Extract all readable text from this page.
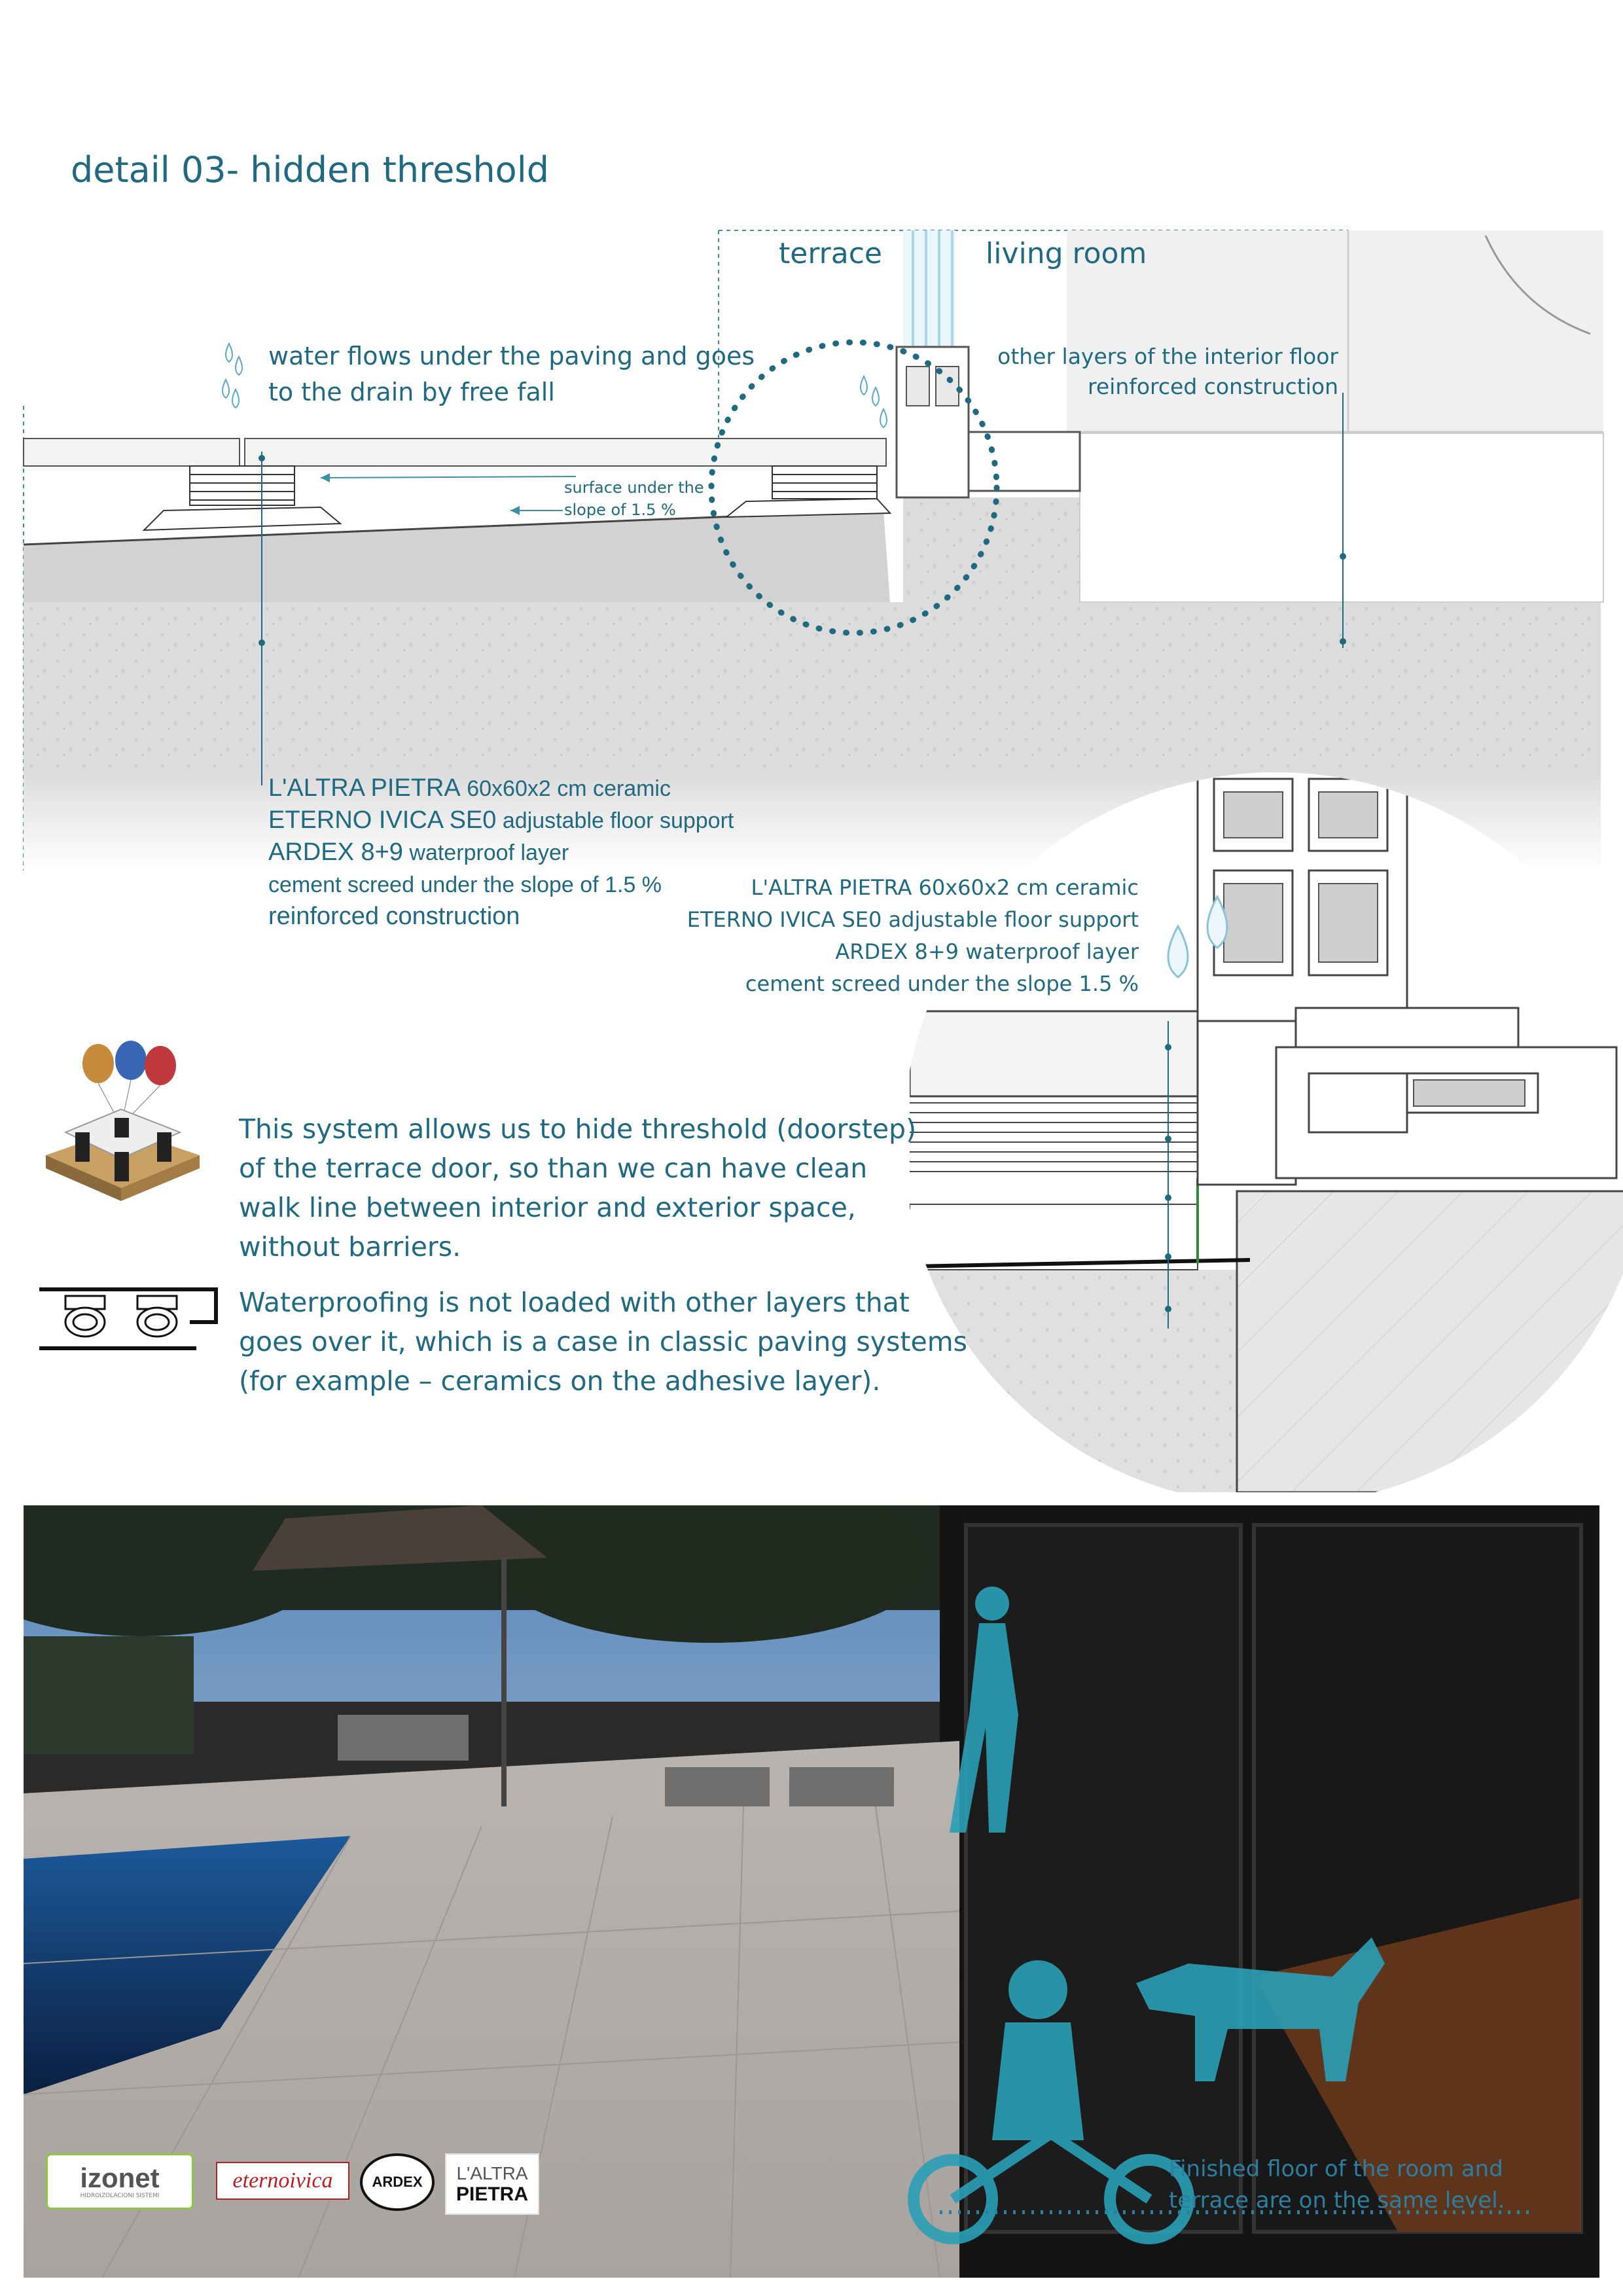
detail 03- hidden threshold
terrace	living room
water flows under the paving and goes
to the drain by free fall
other layers of the interior floor
reinforced construction
surface under the
slope of 1.5 %
L'ALTRA PIETRA 60x60x2 cm ceramic
ETERNO IVICA SE0 adjustable floor support
ARDEX 8+9 waterproof layer
cement screed under the slope of 1.5 %
reinforced construction
L'ALTRA PIETRA 60x60x2 cm ceramic
ETERNO IVICA SE0 adjustable floor support
ARDEX 8+9 waterproof layer
cement screed under the slope 1.5 %
This system allows us to hide threshold (doorstep)
of the terrace door, so than we can have clean
walk line between interior and exterior space,
without barriers.
Waterproofing is not loaded with other layers that
goes over it, which is a case in classic paving systems
(for example – ceramics on the adhesive layer).
Finished floor of the room and
terrace are on the same level.
izonet
HIDROIZOLACIONI SISTEMI
eternoivica	ARDEX L'ALTRA
PIETRA
